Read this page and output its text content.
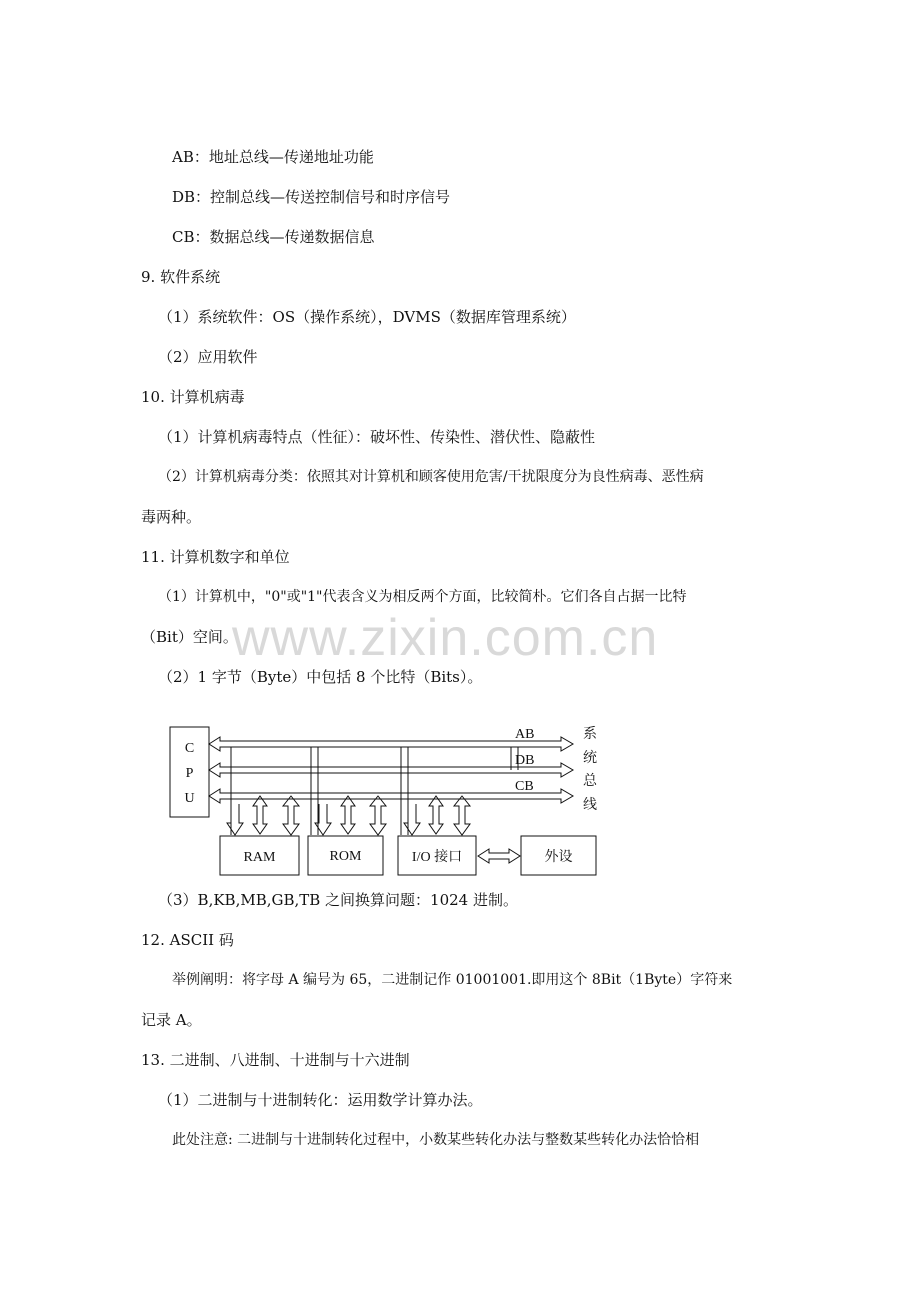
AB：地址总线—传递地址功能
DB：控制总线—传送控制信号和时序信号
CB：数据总线—传递数据信息
9. 软件系统
（1）系统软件：OS（操作系统），DVMS（数据库管理系统）
（2）应用软件
10. 计算机病毒
（1）计算机病毒特点（性征）：破坏性、传染性、潜伏性、隐蔽性
（2）计算机病毒分类：依照其对计算机和顾客使用危害/干扰限度分为良性病毒、恶性病
毒两种。
11. 计算机数字和单位
（1）计算机中，"0"或"1"代表含义为相反两个方面，比较简朴。它们各自占据一比特
（Bit）空间。
（2）1 字节（Byte）中包括 8 个比特（Bits）。
www.zixin.com.cn
C
P
U
AB
DB
CB
系
统
总
线
RAM	ROM	I/O 接口	外设
（3）B,KB,MB,GB,TB 之间换算问题：1024 进制。
12. ASCII 码
举例阐明：将字母 A 编号为 65，二进制记作 01001001.即用这个 8Bit（1Byte）字符来
记录 A。
13. 二进制、八进制、十进制与十六进制
（1）二进制与十进制转化：运用数学计算办法。
此处注意: 二进制与十进制转化过程中，小数某些转化办法与整数某些转化办法恰恰相
